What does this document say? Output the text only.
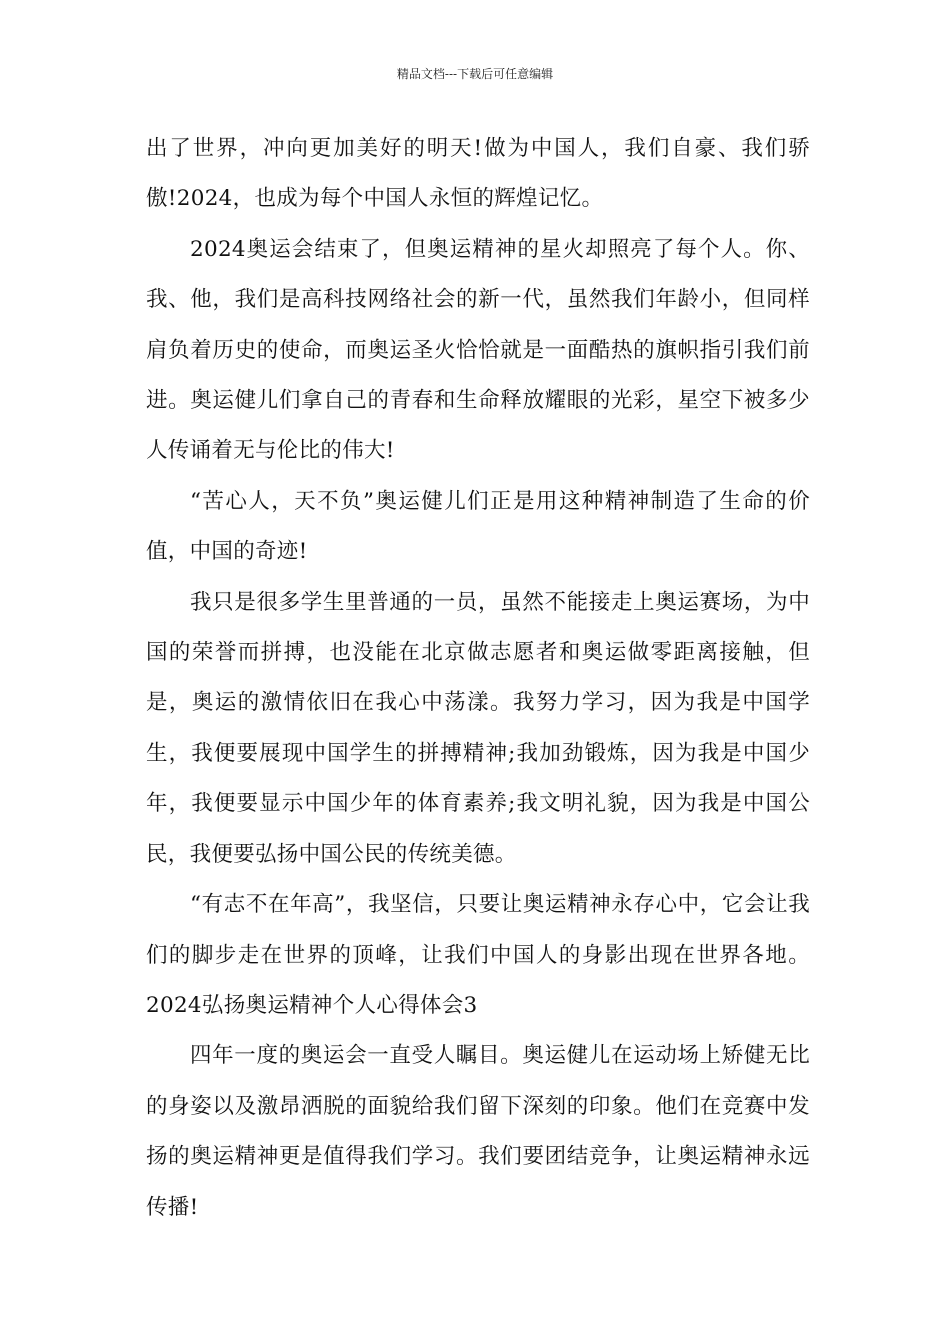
精品文档---下载后可任意编辑

出了世界，冲向更加美好的明天!做为中国人，我们自豪、我们骄傲!2024，也成为每个中国人永恒的辉煌记忆。

2024奥运会结束了，但奥运精神的星火却照亮了每个人。你、我、他，我们是高科技网络社会的新一代，虽然我们年龄小，但同样肩负着历史的使命，而奥运圣火恰恰就是一面酷热的旗帜指引我们前进。奥运健儿们拿自己的青春和生命释放耀眼的光彩，星空下被多少人传诵着无与伦比的伟大!

“苦心人，天不负”奥运健儿们正是用这种精神制造了生命的价值，中国的奇迹!

我只是很多学生里普通的一员，虽然不能接走上奥运赛场，为中国的荣誉而拼搏，也没能在北京做志愿者和奥运做零距离接触，但是，奥运的激情依旧在我心中荡漾。我努力学习，因为我是中国学生，我便要展现中国学生的拼搏精神;我加劲锻炼，因为我是中国少年，我便要显示中国少年的体育素养;我文明礼貌，因为我是中国公民，我便要弘扬中国公民的传统美德。

“有志不在年高”，我坚信，只要让奥运精神永存心中，它会让我们的脚步走在世界的顶峰，让我们中国人的身影出现在世界各地。2024弘扬奥运精神个人心得体会3

四年一度的奥运会一直受人瞩目。奥运健儿在运动场上矫健无比的身姿以及激昂洒脱的面貌给我们留下深刻的印象。他们在竞赛中发扬的奥运精神更是值得我们学习。我们要团结竞争，让奥运精神永远传播!
